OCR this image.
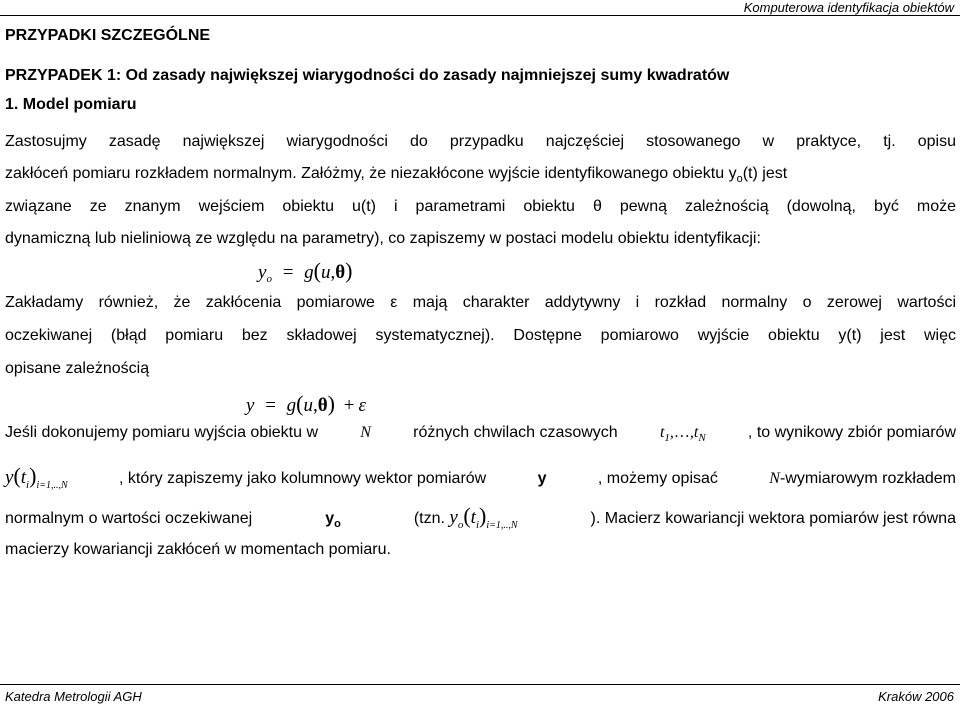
Komputerowa identyfikacja obiektów
PRZYPADKI SZCZEGÓLNE
PRZYPADEK 1: Od zasady największej wiarygodności do zasady najmniejszej sumy kwadratów
1. Model pomiaru
Zastosujmy zasadę największej wiarygodności do przypadku najczęściej stosowanego w praktyce, tj. opisu
zakłóceń pomiaru rozkładem normalnym. Załóżmy, że niezakłócone wyjście identyfikowanego obiektu $y_o(t)$ jest
związane ze znanym wejściem obiektu u(t) i parametrami obiektu θ pewną zależnością (dowolną, być może
dynamiczną lub nieliniową ze względu na parametry), co zapiszemy w postaci modelu obiektu identyfikacji:
$y_o = g(u,\theta)$
Zakładamy również, że zakłócenia pomiarowe ε mają charakter addytywny i rozkład normalny o zerowej wartości
oczekiwanej (błąd pomiaru bez składowej systematycznej). Dostępne pomiarowo wyjście obiektu y(t) jest więc
opisane zależnością
y = g(u,θ) + ε
Jeśli dokonujemy pomiaru wyjścia obiektu w	N	różnych chwilach czasowych	$t_1,\dots,t_N$	, to wynikowy zbiór pomiarów
$y(t_i)_{i=1,..,N}$	, który zapiszemy jako kolumnowy wektor pomiarów	y	, możemy opisać	N-wymiarowym rozkładem
normalnym o wartości oczekiwanej	$y_o$	(tzn. $y_o(t_i)_{i=1,..,N}$	). Macierz kowariancji wektora pomiarów jest równa
macierzy kowariancji zakłóceń w momentach pomiaru.
Katedra Metrologii AGH	Kraków 2006
